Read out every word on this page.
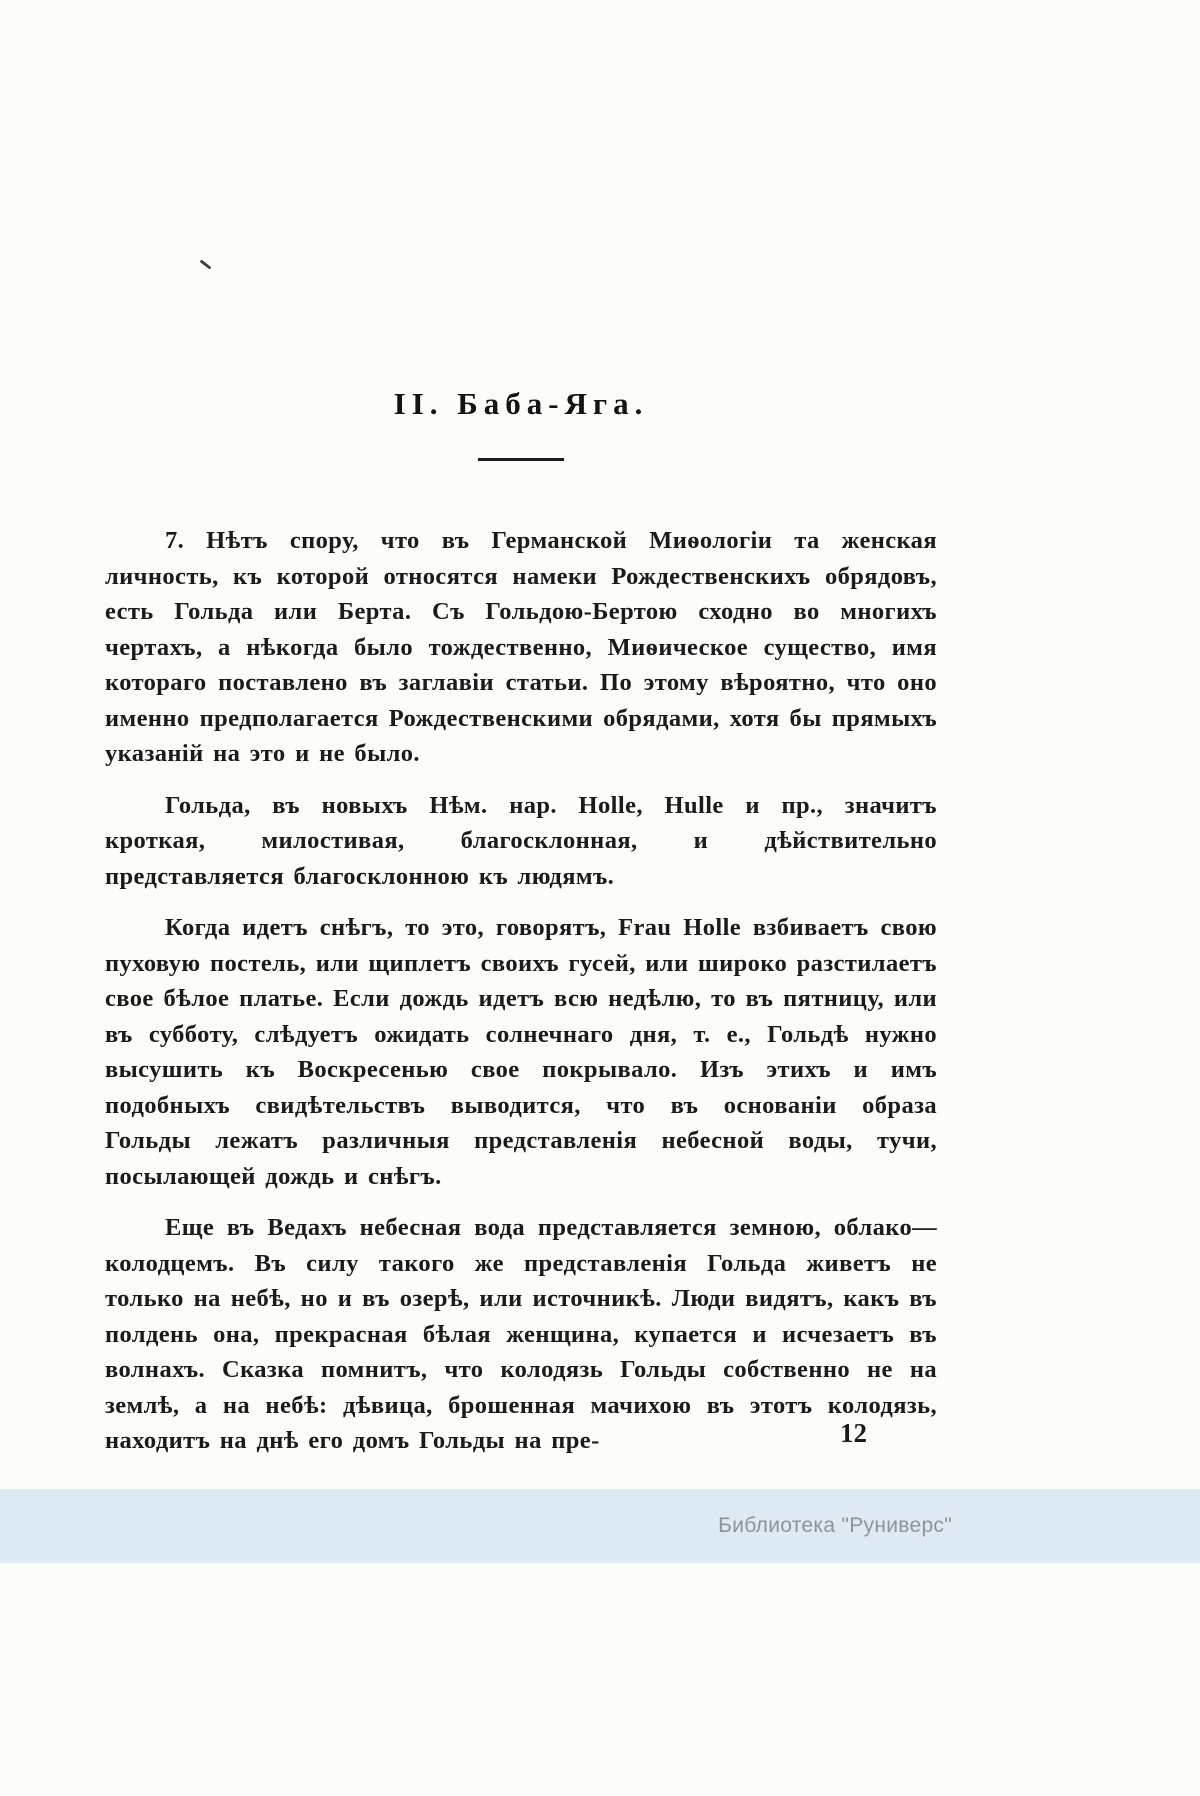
II. Баба-Яга.

7. Нѣтъ спору, что въ Германской Миѳологіи та женская личность, къ которой относятся намеки Рождественскихъ обрядовъ, есть Гольда или Берта. Съ Гольдою-Бертою сходно во многихъ чертахъ, а нѣкогда было тождественно, Миѳическое существо, имя котораго поставлено въ заглавіи статьи. По этому вѣроятно, что оно именно предполагается Рождественскими обрядами, хотя бы прямыхъ указаній на это и не было.

Гольда, въ новыхъ Нѣм. нар. Holle, Hulle и пр., значитъ кроткая, милостивая, благосклонная, и дѣйствительно представляется благосклонною къ людямъ.

Когда идетъ снѣгъ, то это, говорятъ, Frau Holle взбиваетъ свою пуховую постель, или щиплетъ своихъ гусей, или широко разстилаетъ свое бѣлое платье. Если дождь идетъ всю недѣлю, то въ пятницу, или въ субботу, слѣдуетъ ожидать солнечнаго дня, т. е., Гольдѣ нужно высушить къ Воскресенью свое покрывало. Изъ этихъ и имъ подобныхъ свидѣтельствъ выводится, что въ основаніи образа Гольды лежатъ различныя представленія небесной воды, тучи, посылающей дождь и снѣгъ.

Еще въ Ведахъ небесная вода представляется земною, облако—колодцемъ. Въ силу такого же представленія Гольда живетъ не только на небѣ, но и въ озерѣ, или источникѣ. Люди видятъ, какъ въ полдень она, прекрасная бѣлая женщина, купается и исчезаетъ въ волнахъ. Сказка помнитъ, что колодязь Гольды собственно не на землѣ, а на небѣ: дѣвица, брошенная мачихою въ этотъ колодязь, находитъ на днѣ его домъ Гольды на пре-	12
Библиотека "Руниверс"
